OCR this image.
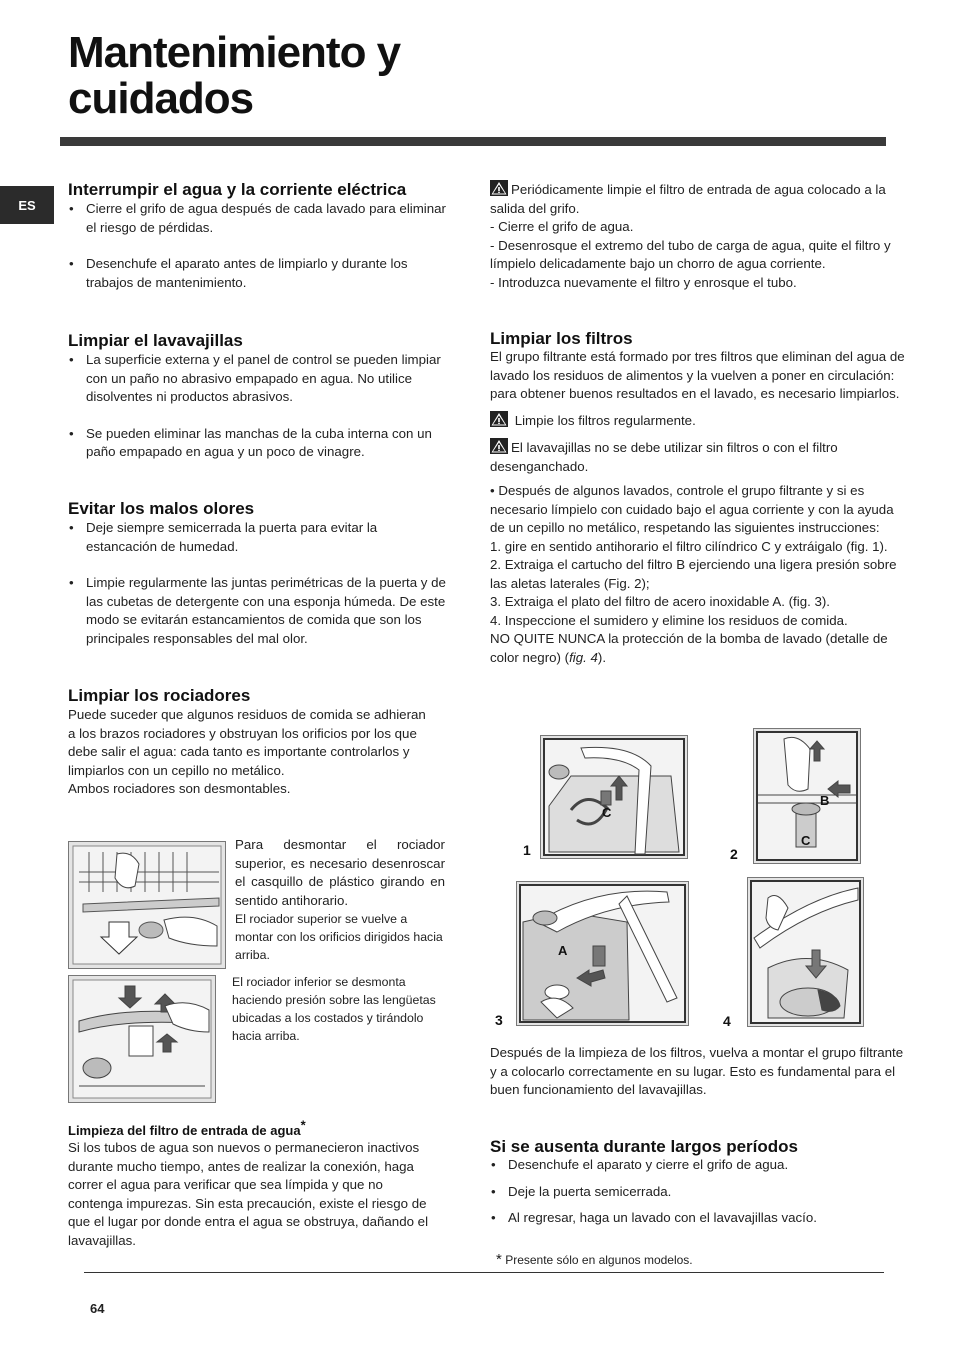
Mantenimiento y
cuidados
ES
Interrumpir el agua y la corriente eléctrica
• Cierre el grifo de agua después de cada lavado para eliminar el riesgo de pérdidas.
• Desenchufe el aparato antes de limpiarlo y durante los trabajos de mantenimiento.
Limpiar el lavavajillas
• La superficie externa y el panel de control se pueden limpiar con un paño no abrasivo empapado en agua. No utilice disolventes ni productos abrasivos.
• Se pueden eliminar las manchas de la cuba interna con un paño empapado en agua y un poco de vinagre.
Evitar los malos olores
• Deje siempre semicerrada la puerta para evitar la estancación de humedad.
• Limpie regularmente las juntas perimétricas de la puerta y de las cubetas de detergente con una esponja húmeda. De este modo se evitarán estancamientos de comida que son los principales responsables del mal olor.
Limpiar los rociadores

Puede suceder que algunos residuos de comida se adhieran a los brazos rociadores y obstruyan los orificios por los que debe salir el agua: cada tanto es importante controlarlos y limpiarlos con un cepillo no metálico.

Ambos rociadores son desmontables.

Para desmontar el rociador superior, es necesario desenroscar el casquillo de plástico girando en sentido antihorario.
El rociador superior se vuelve a montar con los orificios dirigidos hacia arriba.
El rociador inferior se desmonta haciendo presión sobre las lengüetas ubicadas a los costados y tirándolo hacia arriba.
Limpieza del filtro de entrada de agua*

Si los tubos de agua son nuevos o permanecieron inactivos durante mucho tiempo, antes de realizar la conexión, haga correr el agua para verificar que sea límpida y que no contenga impurezas. Sin esta precaución, existe el riesgo de que el lugar por donde entra el agua se obstruya, dañando el lavavajillas.

Periódicamente limpie el filtro de entrada de agua colocado a la salida del grifo.

- Cierre el grifo de agua.

- Desenrosque el extremo del tubo de carga de agua, quite el filtro y límpielo delicadamente bajo un chorro de agua corriente.

- Introduzca nuevamente el filtro y enrosque el tubo.

Limpiar los filtros

El grupo filtrante está formado por tres filtros que eliminan del agua de lavado los residuos de alimentos y la vuelven a poner en circulación: para obtener buenos resultados en el lavado, es necesario limpiarlos.

Limpie los filtros regularmente.

El lavavajillas no se debe utilizar sin filtros o con el filtro desenganchado.

• Después de algunos lavados, controle el grupo filtrante y si es necesario límpielo con cuidado bajo el agua corriente y con la ayuda de un cepillo no metálico, respetando las siguientes instrucciones:

1. gire en sentido antihorario el filtro cilíndrico C y extráigalo (fig. 1).

2. Extraiga el cartucho del filtro B ejerciendo una ligera presión sobre las aletas laterales (Fig. 2);

3. Extraiga el plato del filtro de acero inoxidable A. (fig. 3).

4. Inspeccione el sumidero y elimine los residuos de comida.

NO QUITE NUNCA la protección de la bomba de lavado (detalle de color negro) (fig. 4).

C
1
B
C
2
A
3	4

Después de la limpieza de los filtros, vuelva a montar el grupo filtrante y a colocarlo correctamente en su lugar. Esto es fundamental para el buen funcionamiento del lavavajillas.

Si se ausenta durante largos períodos
• Desenchufe el aparato y cierre el grifo de agua.
• Deje la puerta semicerrada.
• Al regresar, haga un lavado con el lavavajillas vacío.
* Presente sólo en algunos modelos.
64
